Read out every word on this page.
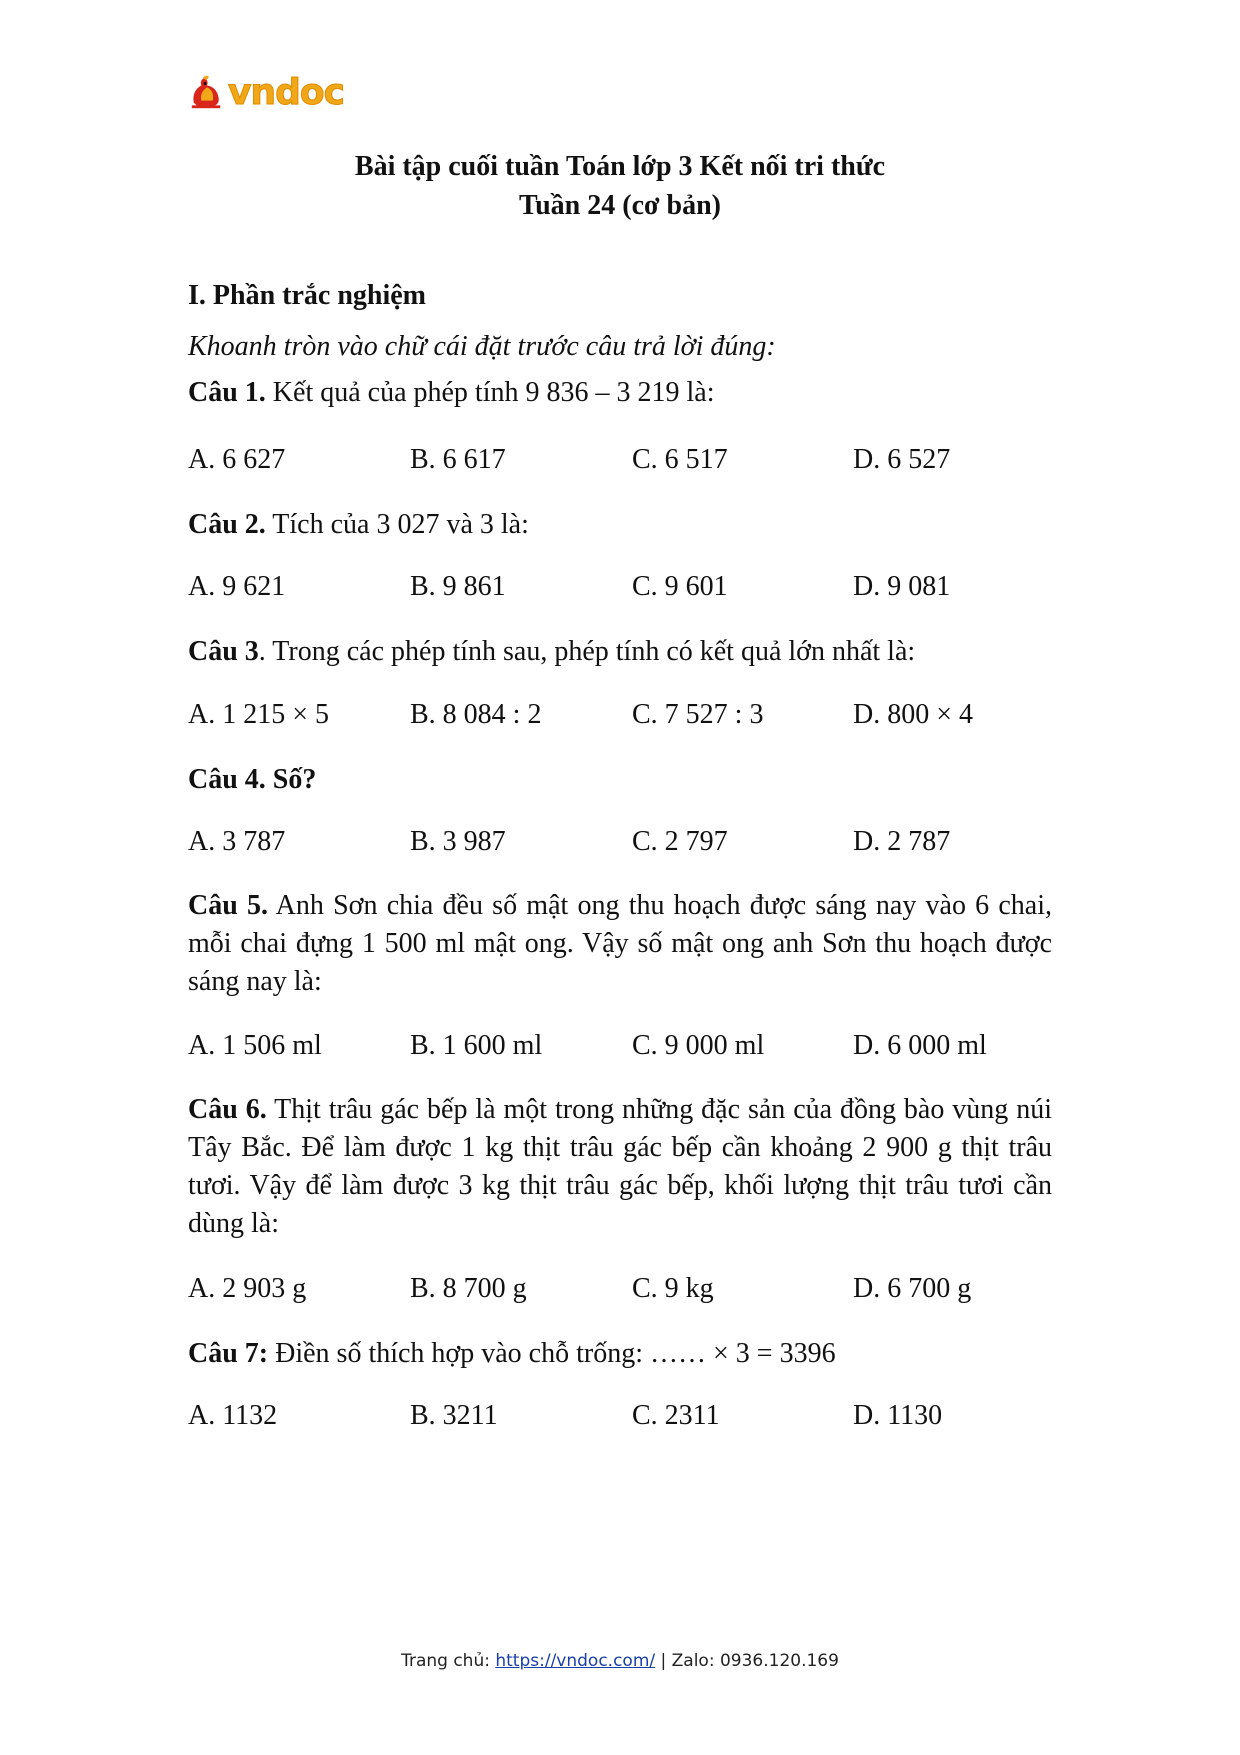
vndoc
Bài tập cuối tuần Toán lớp 3 Kết nối tri thức
Tuần 24 (cơ bản)
I. Phần trắc nghiệm
Khoanh tròn vào chữ cái đặt trước câu trả lời đúng:
Câu 1. Kết quả của phép tính 9 836 – 3 219 là:
A. 6 627	B. 6 617	C. 6 517	D. 6 527
Câu 2. Tích của 3 027 và 3 là:
A. 9 621	B. 9 861	C. 9 601	D. 9 081
Câu 3. Trong các phép tính sau, phép tính có kết quả lớn nhất là:
A. 1 215 × 5	B. 8 084 : 2	C. 7 527 : 3	D. 800 × 4
Câu 4. Số?
A. 3 787	B. 3 987	C. 2 797	D. 2 787
Câu 5. Anh Sơn chia đều số mật ong thu hoạch được sáng nay vào 6 chai, mỗi chai đựng 1 500 ml mật ong. Vậy số mật ong anh Sơn thu hoạch được sáng nay là:
A. 1 506 ml	B. 1 600 ml	C. 9 000 ml	D. 6 000 ml
Câu 6. Thịt trâu gác bếp là một trong những đặc sản của đồng bào vùng núi Tây Bắc. Để làm được 1 kg thịt trâu gác bếp cần khoảng 2 900 g thịt trâu tươi. Vậy để làm được 3 kg thịt trâu gác bếp, khối lượng thịt trâu tươi cần dùng là:
A. 2 903 g	B. 8 700 g	C. 9 kg	D. 6 700 g
Câu 7: Điền số thích hợp vào chỗ trống: …… × 3 = 3396
A. 1132	B. 3211	C. 2311	D. 1130
Trang chủ: https://vndoc.com/ | Zalo: 0936.120.169
